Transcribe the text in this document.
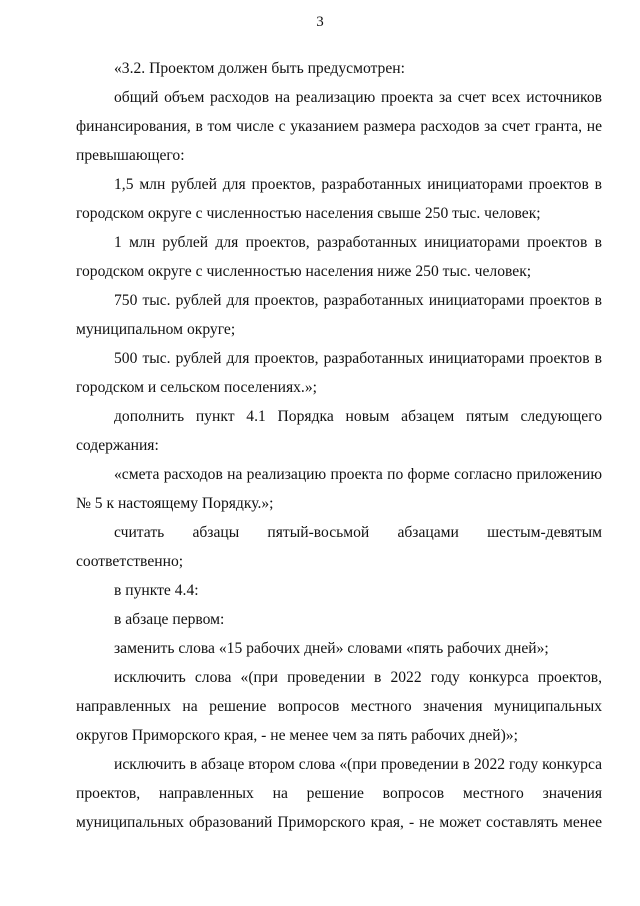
3

«3.2. Проектом должен быть предусмотрен:

общий объем расходов на реализацию проекта за счет всех источников финансирования, в том числе с указанием размера расходов за счет гранта, не превышающего:

1,5 млн рублей для проектов, разработанных инициаторами проектов в городском округе с численностью населения свыше 250 тыс. человек;

1 млн рублей для проектов, разработанных инициаторами проектов в городском округе с численностью населения ниже 250 тыс. человек;

750 тыс. рублей для проектов, разработанных инициаторами проектов в муниципальном округе;

500 тыс. рублей для проектов, разработанных инициаторами проектов в городском и сельском поселениях.»;

дополнить пункт 4.1 Порядка новым абзацем пятым следующего содержания:

«смета расходов на реализацию проекта по форме согласно приложению № 5 к настоящему Порядку.»;

считать абзацы пятый-восьмой абзацами шестым-девятым соответственно;

в пункте 4.4:

в абзаце первом:

заменить слова «15 рабочих дней» словами «пять рабочих дней»;

исключить слова «(при проведении в 2022 году конкурса проектов, направленных на решение вопросов местного значения муниципальных округов Приморского края, - не менее чем за пять рабочих дней)»;

исключить в абзаце втором слова «(при проведении в 2022 году конкурса проектов, направленных на решение вопросов местного значения муниципальных образований Приморского края, - не может составлять менее
